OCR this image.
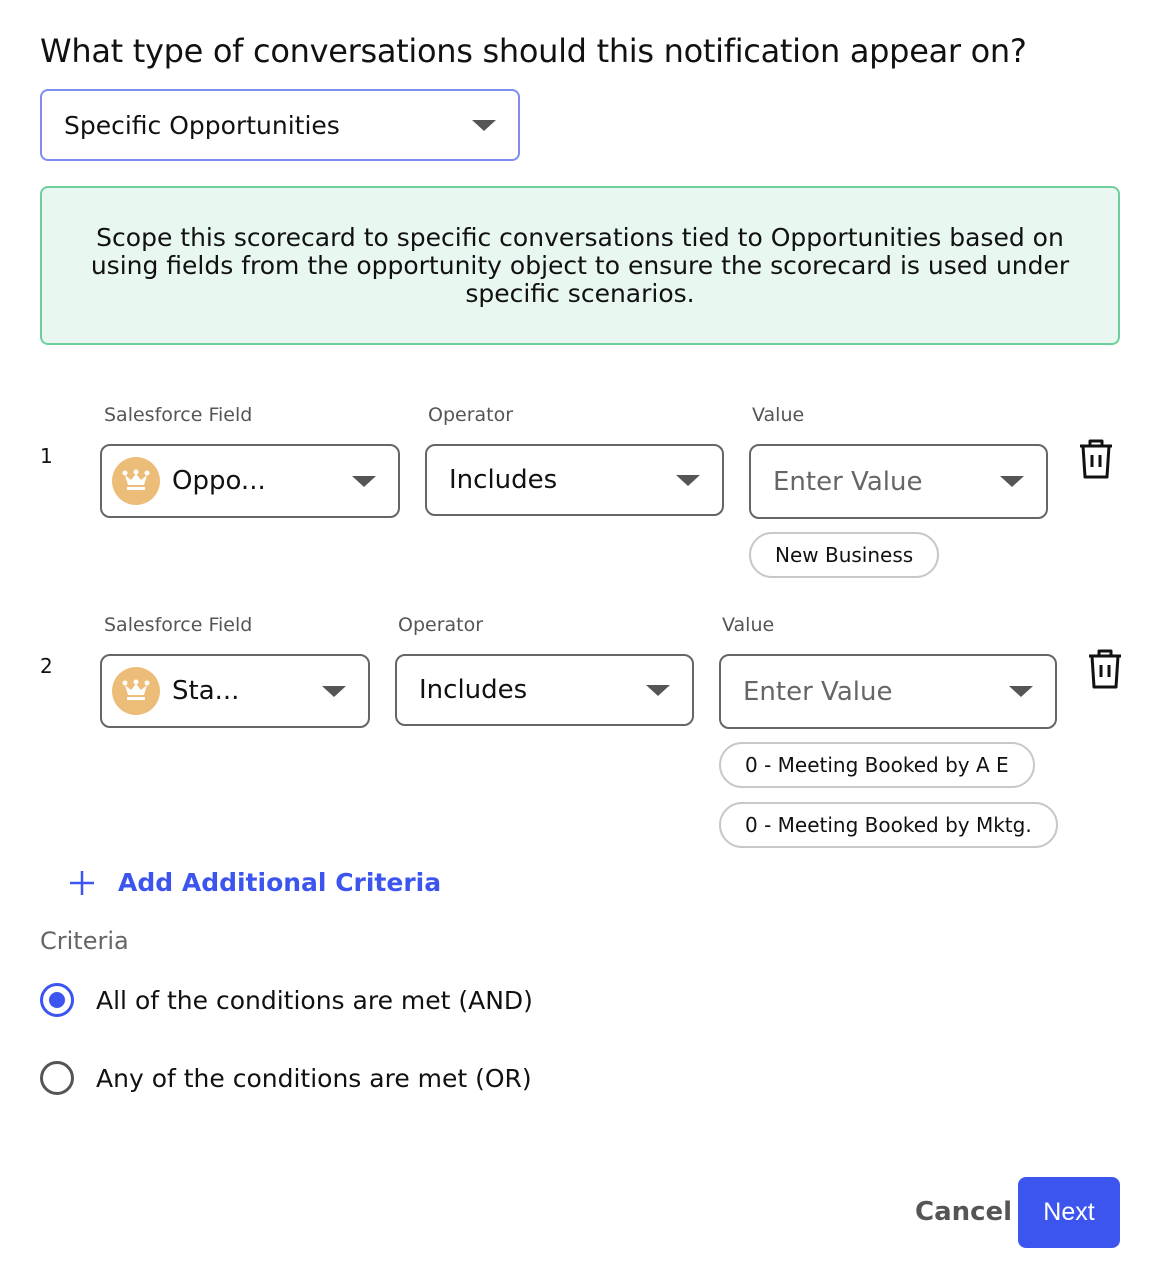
What type of conversations should this notification appear on?
Specific Opportunities
Scope this scorecard to specific conversations tied to Opportunities based on using fields from the opportunity object to ensure the scorecard is used under specific scenarios.
1
Salesforce Field	Operator	Value
Oppo...	Includes	Enter Value
New Business
2
Salesforce Field	Operator	Value
Sta...	Includes	Enter Value
0 - Meeting Booked by A E
0 - Meeting Booked by Mktg.
Add Additional Criteria
Criteria
All of the conditions are met (AND)
Any of the conditions are met (OR)
Cancel	Next
